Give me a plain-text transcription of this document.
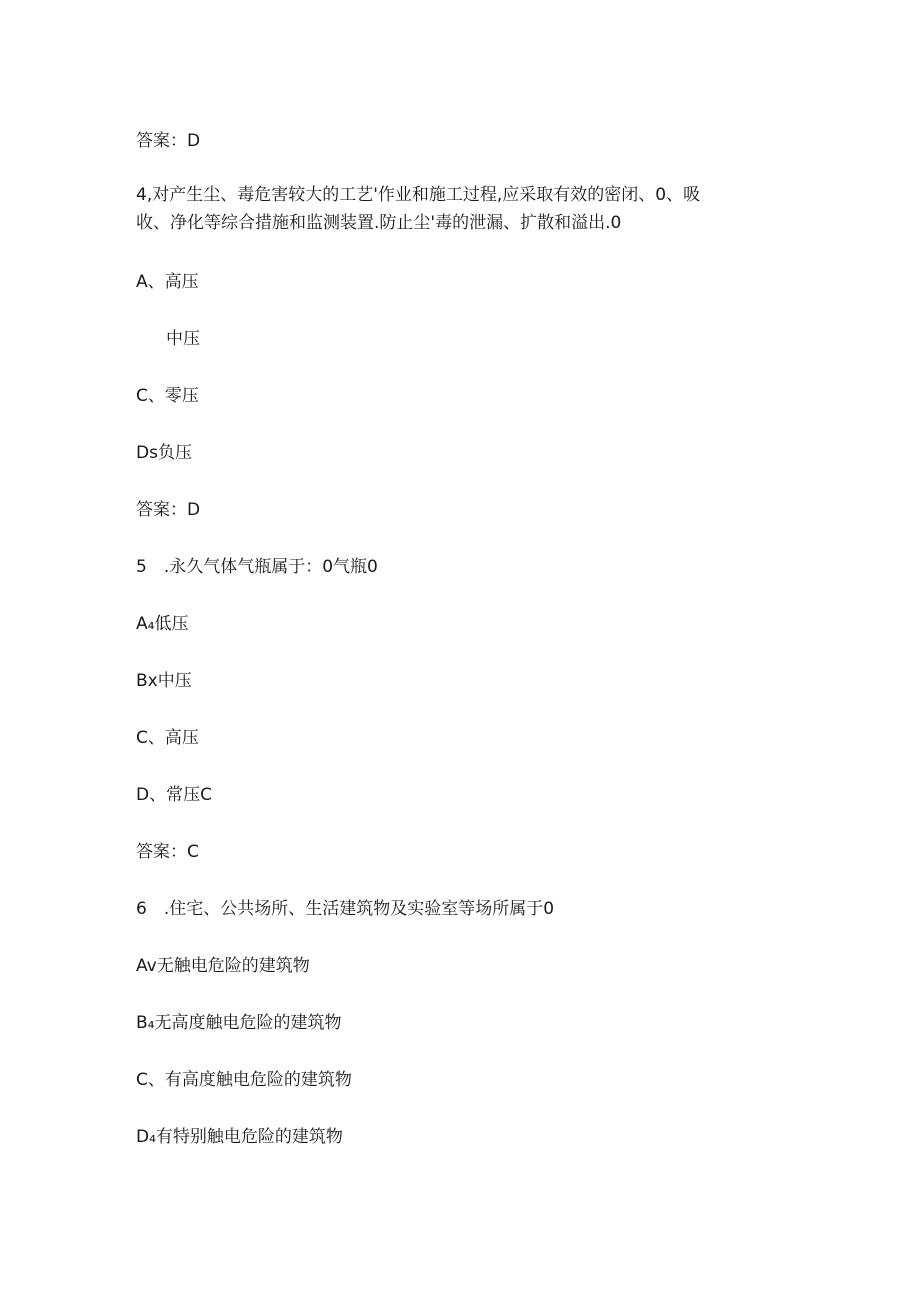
答案：D
4,对产生尘、毒危害较大的工艺'作业和施工过程,应采取有效的密闭、0、吸收、净化等综合措施和监测装置.防止尘'毒的泄漏、扩散和溢出.0
A、高压
中压
C、零压
Ds负压
答案：D
5　.永久气体气瓶属于：0气瓶0
A₄低压
Bx中压
C、高压
D、常压C
答案：C
6　.住宅、公共场所、生活建筑物及实验室等场所属于0
Av无触电危险的建筑物
B₄无高度触电危险的建筑物
C、有高度触电危险的建筑物
D₄有特别触电危险的建筑物
